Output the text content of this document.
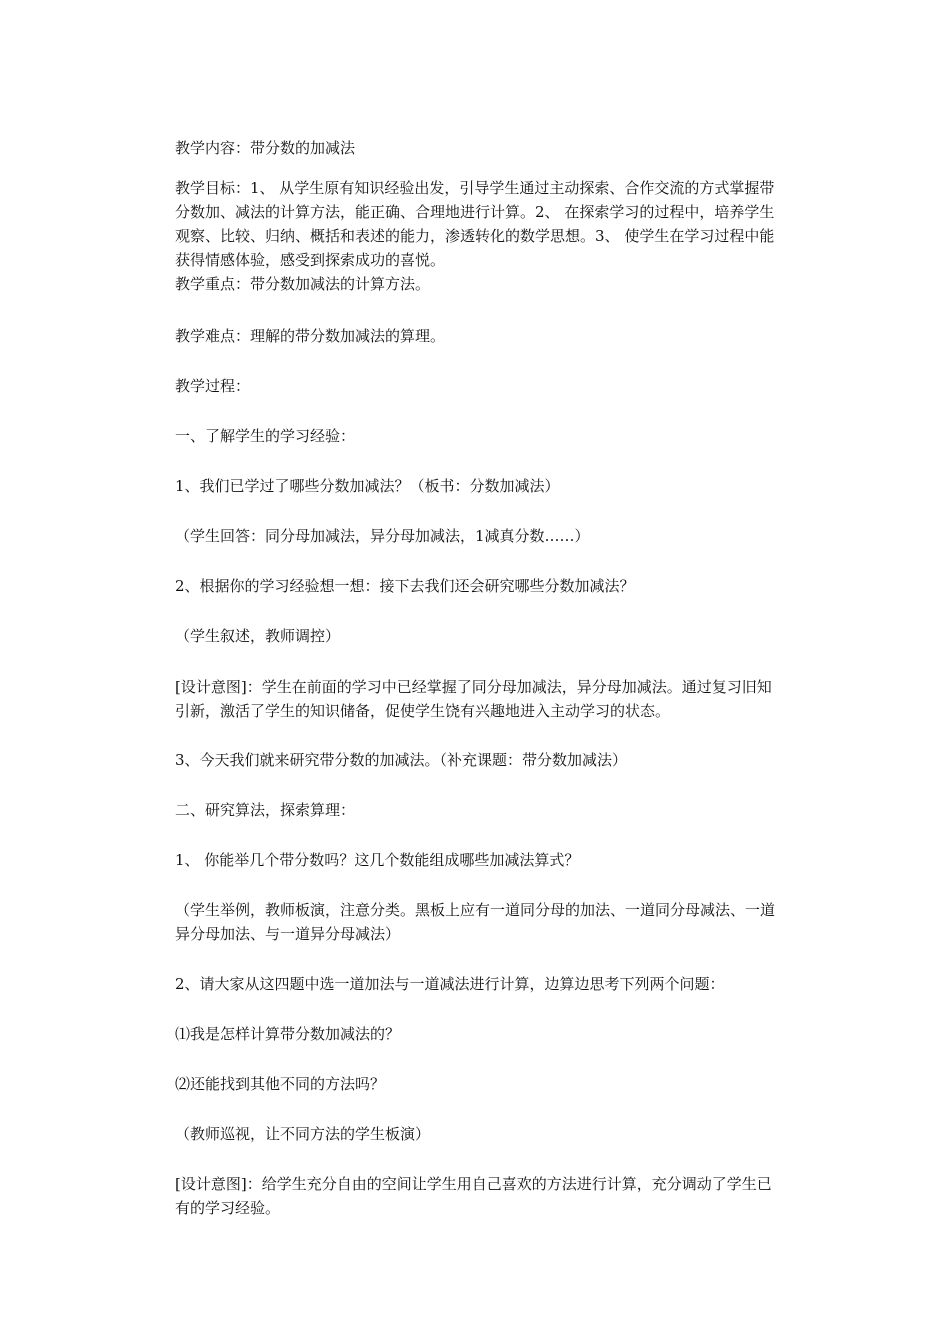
教学内容：带分数的加减法

教学目标：1、 从学生原有知识经验出发，引导学生通过主动探索、合作交流的方式掌握带分数加、减法的计算方法，能正确、合理地进行计算。2、 在探索学习的过程中，培养学生观察、比较、归纳、概括和表述的能力，渗透转化的数学思想。3、 使学生在学习过程中能获得情感体验，感受到探索成功的喜悦。

教学重点：带分数加减法的计算方法。

教学难点：理解的带分数加减法的算理。

教学过程：

一、了解学生的学习经验：

1、我们已学过了哪些分数加减法？（板书：分数加减法）

（学生回答：同分母加减法，异分母加减法，1减真分数……）

2、根据你的学习经验想一想：接下去我们还会研究哪些分数加减法？

（学生叙述，教师调控）

[设计意图]：学生在前面的学习中已经掌握了同分母加减法，异分母加减法。通过复习旧知引新，激活了学生的知识储备，促使学生饶有兴趣地进入主动学习的状态。

3、今天我们就来研究带分数的加减法。（补充课题：带分数加减法）

二、研究算法，探索算理：

1、 你能举几个带分数吗？这几个数能组成哪些加减法算式？

（学生举例，教师板演，注意分类。黑板上应有一道同分母的加法、一道同分母减法、一道异分母加法、与一道异分母减法）

2、请大家从这四题中选一道加法与一道减法进行计算，边算边思考下列两个问题：

⑴我是怎样计算带分数加减法的？

⑵还能找到其他不同的方法吗？

（教师巡视，让不同方法的学生板演）

[设计意图]：给学生充分自由的空间让学生用自己喜欢的方法进行计算，充分调动了学生已有的学习经验。
